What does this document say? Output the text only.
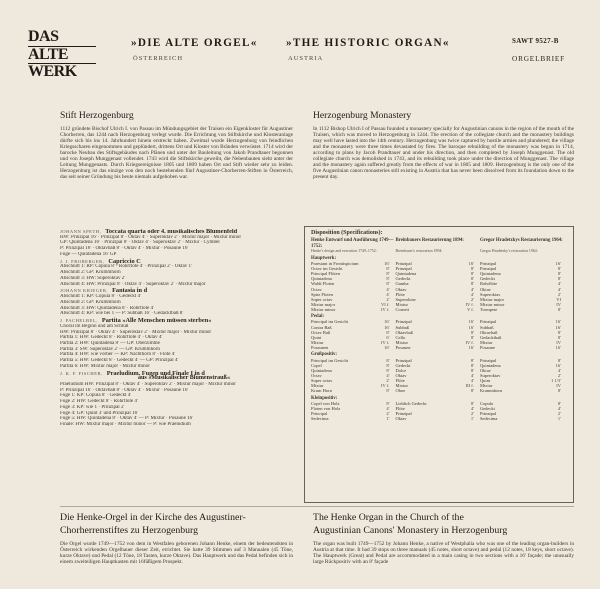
DAS
ALTE
WERK
»DIE ALTE ORGEL«
ÖSTERREICH
»THE HISTORIC ORGAN«
AUSTRIA
SAWT 9527-B
ORGELBRIEF
Stift Herzogenburg	Herzogenburg Monastery

1112 gründete Bischof Ulrich I. von Passau im Mündungsgebiet der Traisen ein Eigenkloster für Augustiner Chorherren, das 1244 nach Herzogenburg verlegt wurde. Die Errichtung von Stiftskirche und Klosteranlage dürfte sich bis ins 14. Jahrhundert hinein erstreckt haben. Zweimal wurde Herzogenburg von feindlichen Kriegsscharen eingenommen und geplündert, drittens Ort und Kloster von Bränden verwüstet. 1714 wird der barocke Neubau des Stiftsgebäudes nach Plänen und unter der Bauleitung von Jakob Prandtauer begonnen und von Joseph Munggenast vollendet. 1743 wird die Stiftskirche geweiht, die Nebenbauten sieht unter der Leitung Munggenasts. Durch Kriegsereignisse 1805 und 1809 haben Ort und Stift wieder sehr zu leiden. Herzogenburg ist das einzige von den noch bestehenden fünf Augustiner-Chorherren-Stiften in Österreich, das seit seiner Gründung bis heute niemals aufgehoben war.

In 1112 Bishop Ulrich I of Passau founded a monastery specially for Augustinian canons in the region of the mouth of the Traisen, which was moved to Herzogenburg in 1244. The erection of the collegiate church and the monastery buildings may well have lasted into the 14th century. Herzogenburg was twice captured by hostile armies and plundered; the village and the monastery were three times devastated by fires. The baroque rebuilding of the monastery was begun in 1714, according to plans by Jacob Prandtauer and under his direction, and then completed by Joseph Munggenast. The old collegiate church was demolished in 1743, and its rebuilding took place under the direction of Munggenast. The village and the monastery again suffered greatly from the effects of war in 1805 and 1809. Herzogenburg is the only one of the five Augustinian canon monasteries still existing in Austria that has never been dissolved from its foundation down to the present day.

JOHANN SPETH, Toccata quarta oder 4. musikalisches Blumenfeld
HW: Prinzipal 16' · Prinzipal 8' · Oktav 4' · Superoktav 2' · Mixtur major · Mixtur minor
GP: Quintadena 16' · Prinzipal 8' · Oktav 4' · Superoktav 2' · Mixtur · Cymbel
P: Prinzipal 16' · Oktavbaß 8' · Oktav 4' · Mixtur · Posaune 16'
Fuge — Quintadena 16' GP
J. J. FROBERGER, Capriccio C
Abschnitt 1: RP: Copula 8' · Rohrflöte 4' · Prinzipal 2' · Oktav 1'
Abschnitt 2: GP: Krummhorn
Abschnitt 3: HW: Superoktav 2'
Abschnitt 4: HW: Prinzipal 8' · Oktav 4' · Superoktav 2' · Mixtur major
JOHANN KRIEGER, Fantasia in d
Abschnitt 1: KP: Copula 8' · Gedeckt 4'
Abschnitt 2: GP: Krummhorn
Abschnitt 3: HW: Quintadena 8' · Rohrflöte 4'
Abschnitt 4: KP: wie bei 1 — P: Subbaß 16' · Gedacktbaß 8'
J. PACHELBEL, Partita »Alle Menschen müssen sterben«
Choral im Beginn und am Schluß
HW: Prinzipal 8' · Oktav 4' · Superoktav 2' · Mixtur major · Mixtur minor
Partita 1: HW: Gedeckt 8' · Rohrflöte 4' · Oktav 4'
Partita 2: HW: Quintadena 8' — GP: Oberzimme
Partita 3: SW: Superoktav 2' — GP: Krummhorn
Partita 4: HW: wie vorher — KP: Nachthorn 8' · Flöte 4'
Partita 5: HW: Gedeckt 8' · Gedeckt 4' — GP: Prinzipal 4'
Partita 6: HW: Mixtur major · Mixtur minor
J. K. F. FISCHER, Praeludium, Fugen und Finale I in d
aus »Musikalischer Blumenstrauß«
Praeludium HW: Prinzipal 8' · Oktav 4' · Superoktav 2' · Mixtur major · Mixtur minor
P: Prinzipal 16' · Oktavbaß 8' · Oktav 4' · Mixtur · Posaune 16'
Fuge 1: KP: Copula 8' · Gedeckt 4'
Fuge 2: HW: Gedeckt 8' · Rohrflöte 4'
Fuge 3: KP: wie 1 · Prinzipal 2'
Fuge 4: GP: Quint 3' und Prinzipal 16'
Fuge 5: HW: Quintadena 8' · Oktav 4' — P: Mixtur · Posaune 16'
Finale: HW: Mixtur major · Mixtur minor — P: wie Praeludium
Disposition (Specifications):
Henke Entwurf und Ausführung 1749—1752:
Breinbauers Restaurierung 1894:	Gregor Hradetzkys Restaurierung 1964:
Henke's design and execution 1749–1752:	Breinbauer's restoration 1894:	Gregor Hradetzky's restoration 1964:
Hauptwerk:
Praestant in Frontispicium	16' Prinzipal	16' Prinzipal	16'
Octav im Gesicht	8' Prinzipal	8' Prinzipal	8'
Principal Flöten	8' Quintadena	8' Quintadena	8'
Quintadena	8' Gedeckt	8' Gedeckt	8'
Waldt Floten	8' Gamba	8' Rohrflöte	4'
Octav	4' Oktav	4' Oktav	4'
Spitz Floten	4' Flöte	4' Superoktav	2'
Super octav	2' Superoktav	2' Mixtur major	VI
Mixtur major	VI f. Mixtur	IV f. Mixtur minor	IV
Mixtur minor	IV f. Cornett	V f. Trompete	8'
Pedal:
Principal im Gesicht	16' Prinzipal	16' Prinzipal	16'
Contra Baß	16' Subbaß	16' Subbaß	16'
Octav Baß	8' Oktavbaß	8' Oktavbaß	8'
Quint	6' Cello	8' Gedacktbaß	8'
Mixtur	IV f. Mixtur	IV f. Mixtur	IV
Posaunen	16' Posaune	16' Posaune	16'
Großpositiv:
Principal im Gesicht	8' Prinzipal	8' Prinzipal	8'
Copel	8' Gedeckt	8' Quintadena	16'
Quintadena	8' Dolce	8' Oktav	4'
Octav	4' Oktav	4' Superoktav	2'
Super octav	2' Flöte	4' Quint	1 1/3'
Mixtur	IV f. Mixtur	III f. Mixtur	IV
Krum Horn	8' Oboe	8' Krummhorn	8'
Kleinpositiv:
Copel von Holz	8' Lieblich Gedeckt	8' Copula	8'
Floten von Holz	4' Flöte	4' Gedeckt	4'
Principal	2' Prinzipal	2' Prinzipal	2'
Sedecima	1' Oktav	1' Sedecima	1'
Die Henke-Orgel in der Kirche des Augustiner-
Chorherrenstiftes zu Herzogenburg
The Henke Organ in the Church of the
Augustinian Canons' Monastery in Herzogenburg

Die Orgel wurde 1749—1752 von dem in Westfalen geborenen Johann Henke, einem der bedeutendsten in Österreich wirkenden Orgelbauer dieser Zeit, errichtet. Sie hatte 39 Stimmen auf 3 Manualen (45 Töne, kurze Oktave) und Pedal (12 Töne, 18 Tasten, kurze Oktave). Das Hauptwerk und das Pedal befinden sich in einem zweiteiligen Hauptkasten mit 16füßigem Prospekt.

The organ was built 1749—1752 by Johann Henke, a native of Westphalia who was one of the leading organ-builders in Austria at that time. It had 39 stops on three manuals (45 notes, short octave) and pedal (12 notes, 18 keys, short octave). The Hauptwerk (Great) and Pedal are accommodated in a main casing in two sections with a 16' façade; the unusually large Rückpositiv with an 8' façade
